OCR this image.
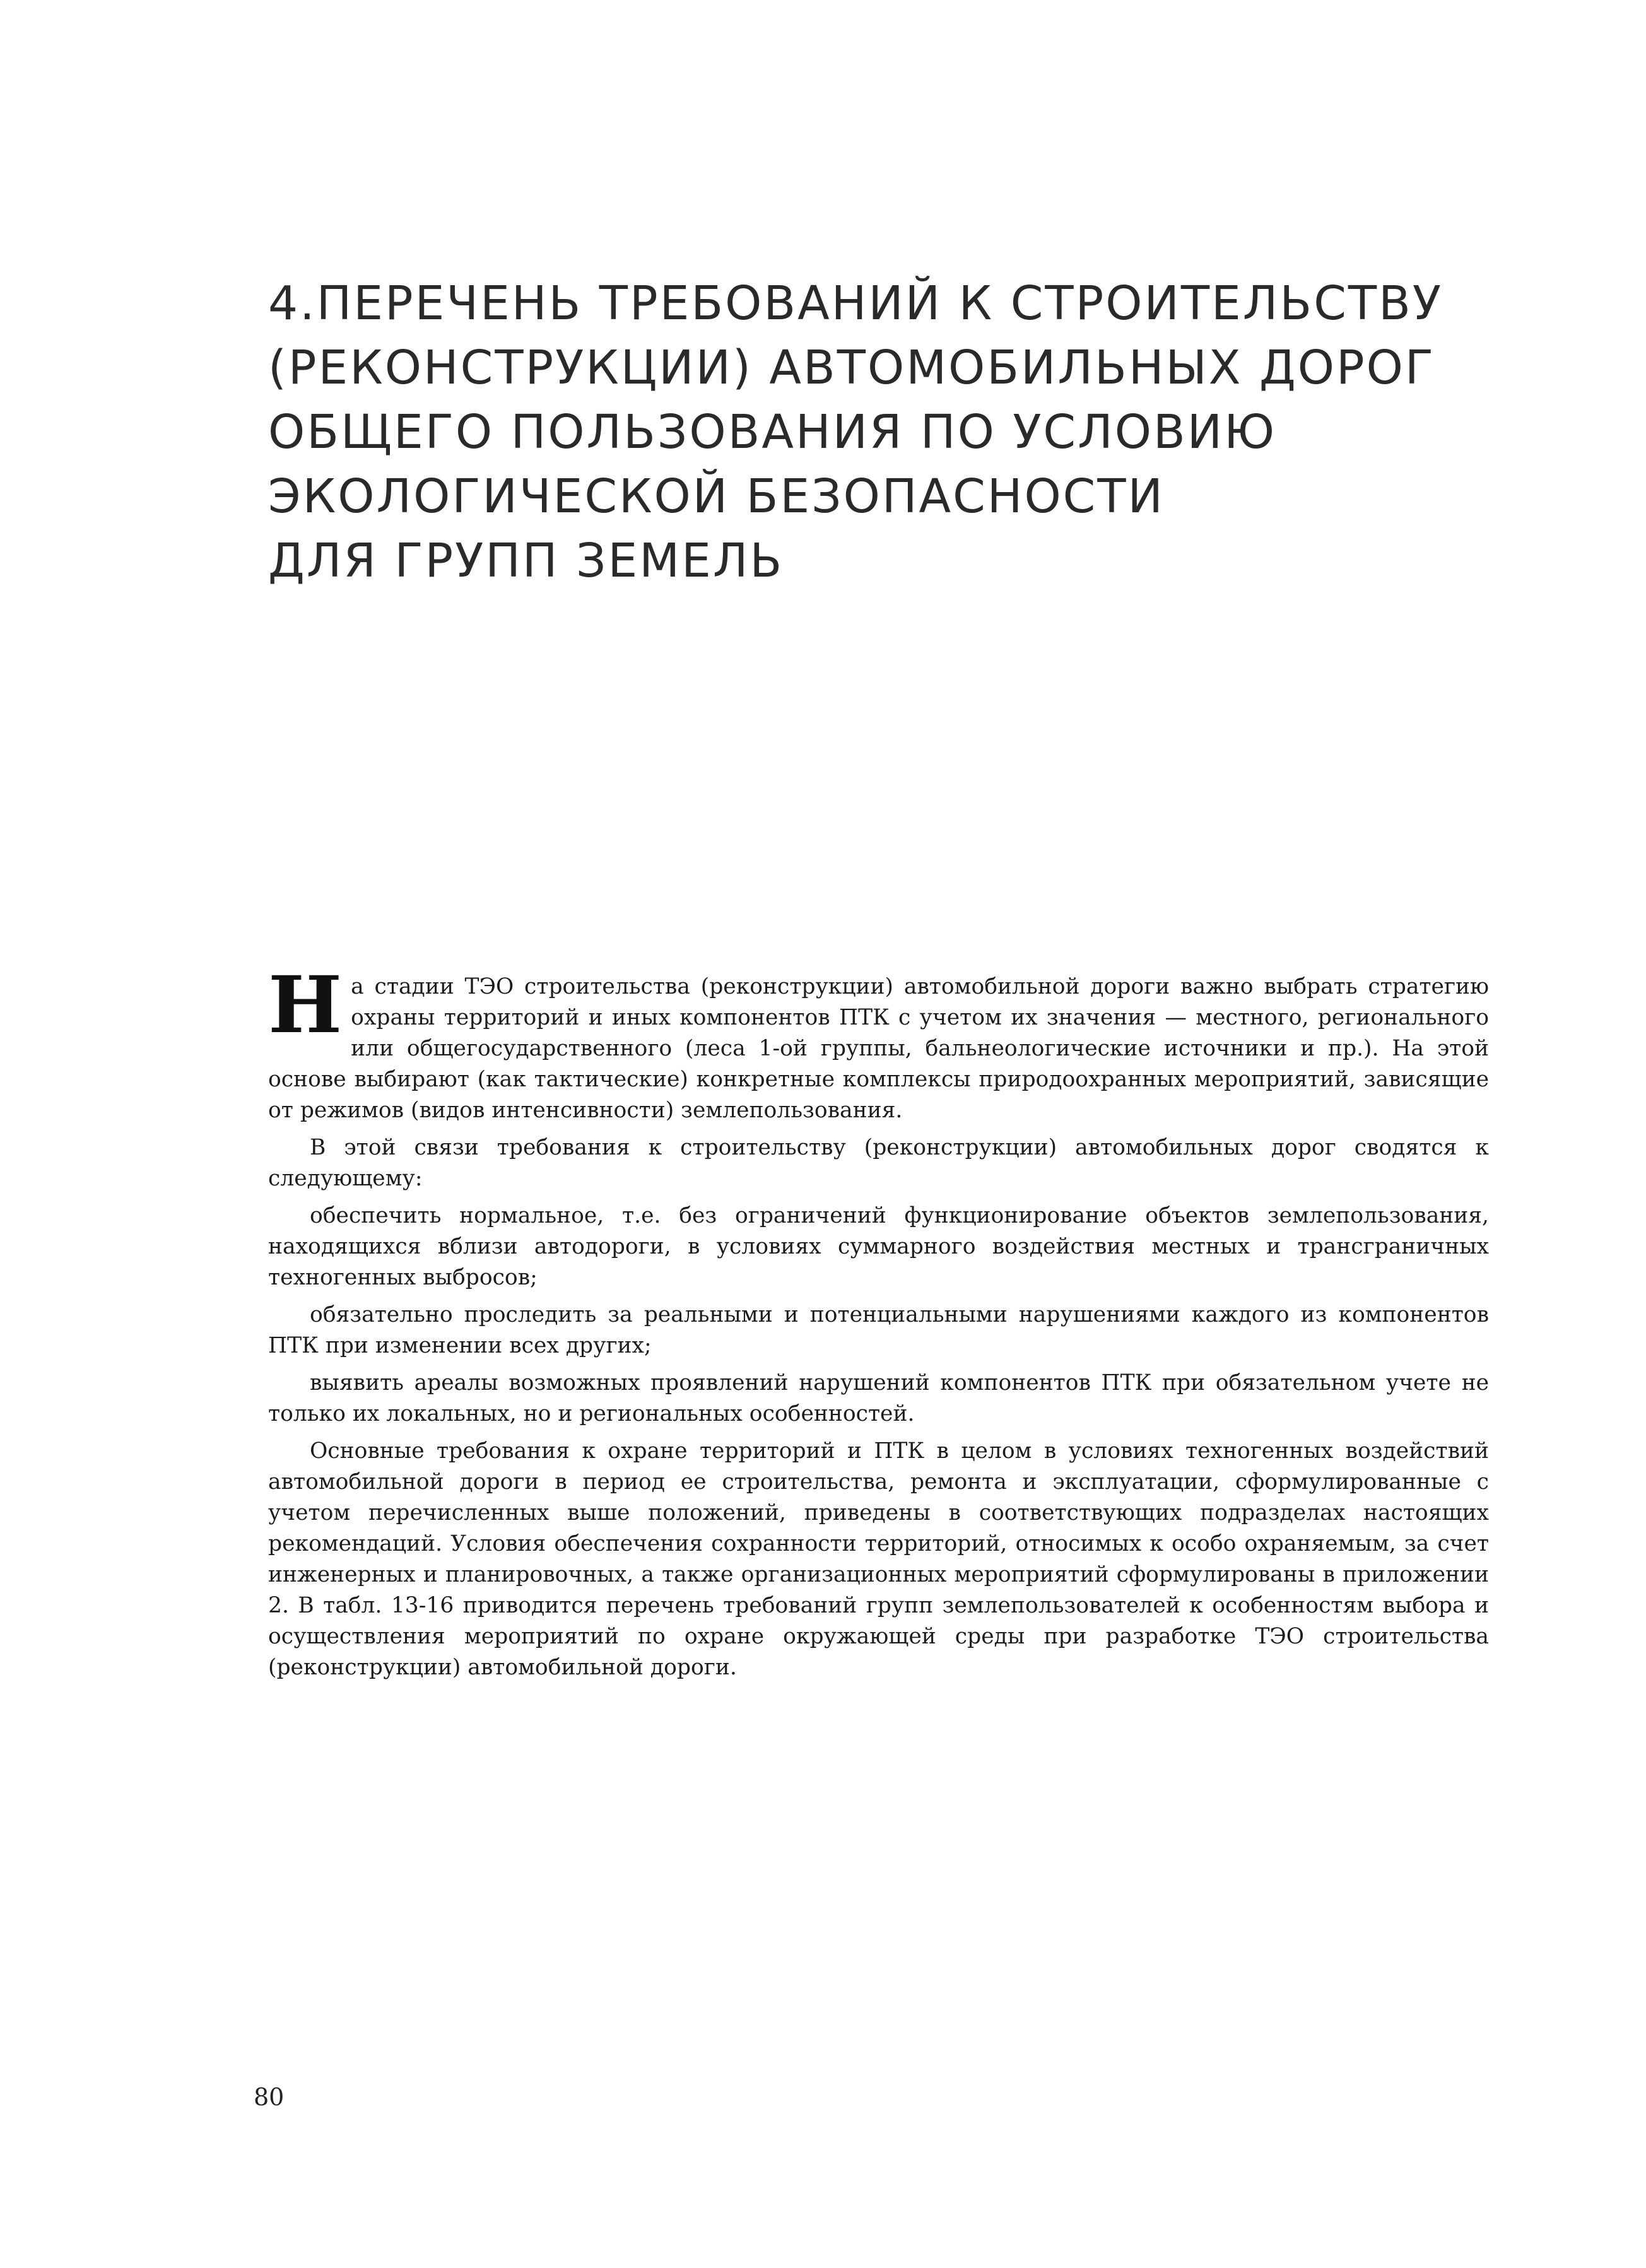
4.ПЕРЕЧЕНЬ ТРЕБОВАНИЙ К СТРОИТЕЛЬСТВУ
(РЕКОНСТРУКЦИИ) АВТОМОБИЛЬНЫХ ДОРОГ
ОБЩЕГО ПОЛЬЗОВАНИЯ ПО УСЛОВИЮ
ЭКОЛОГИЧЕСКОЙ БЕЗОПАСНОСТИ
ДЛЯ ГРУПП ЗЕМЕЛЬ

На стадии ТЭО строительства (реконструкции) автомобильной дороги важно выбрать стратегию охраны территорий и иных компонентов ПТК с учетом их значения — местного, регионального или общегосударственного (леса 1-ой группы, бальнеологические источники и пр.). На этой основе выбирают (как тактические) конкретные комплексы природоохранных мероприятий, зависящие от режимов (видов интенсивности) землепользования.

В этой связи требования к строительству (реконструкции) автомобильных дорог сводятся к следующему:

обеспечить нормальное, т.е. без ограничений функционирование объектов землепользования, находящихся вблизи автодороги, в условиях суммарного воздействия местных и трансграничных техногенных выбросов;

обязательно проследить за реальными и потенциальными нарушениями каждого из компонентов ПТК при изменении всех других;

выявить ареалы возможных проявлений нарушений компонентов ПТК при обязательном учете не только их локальных, но и региональных особенностей.

Основные требования к охране территорий и ПТК в целом в условиях техногенных воздействий автомобильной дороги в период ее строительства, ремонта и эксплуатации, сформулированные с учетом перечисленных выше положений, приведены в соответствующих подразделах настоящих рекомендаций. Условия обеспечения сохранности территорий, относимых к особо охраняемым, за счет инженерных и планировочных, а также организационных мероприятий сформулированы в приложении 2. В табл. 13-16 приводится перечень требований групп землепользователей к особенностям выбора и осуществления мероприятий по охране окружающей среды при разработке ТЭО строительства (реконструкции) автомобильной дороги.

80
